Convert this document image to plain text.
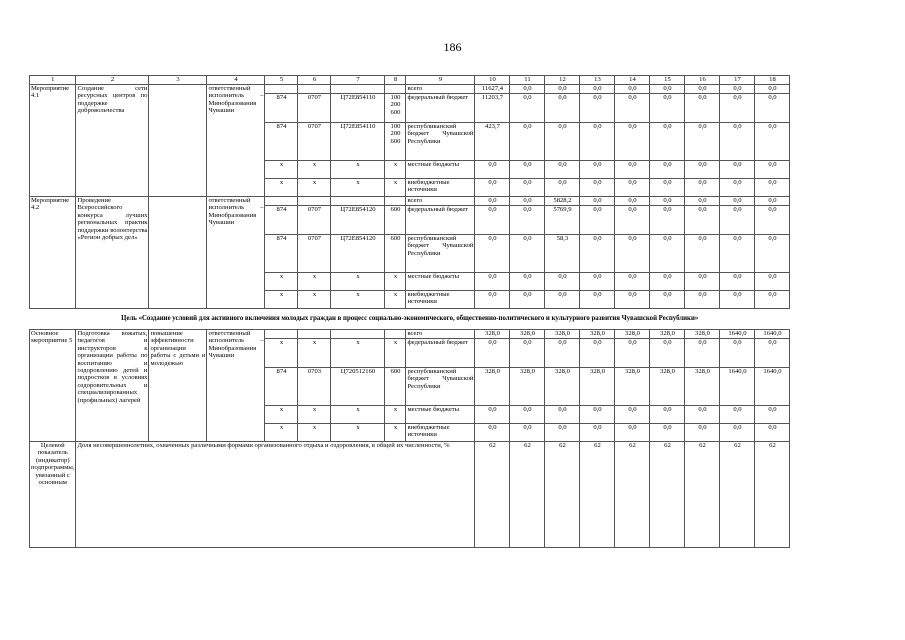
186
1	2	3	4	5	6	7	8	9	10	11	12	13	14	15	16	17	18
Мероприятие 4.1	Создание сети ресурсных центров по поддержке добровольчества		ответственный исполнитель – Минобразования Чувашии					всего	11627,4	0,0	0,0	0,0	0,0	0,0	0,0	0,0	0,0
				874	0707	Ц72Е854110	100 200 600	федеральный бюджет	11203,7	0,0	0,0	0,0	0,0	0,0	0,0	0,0	0,0
				874	0707	Ц72Е854110	100 200 600	республиканский бюджет Чувашской Республики	423,7	0,0	0,0	0,0	0,0	0,0	0,0	0,0	0,0
				х	х	х	х	местные бюджеты	0,0	0,0	0,0	0,0	0,0	0,0	0,0	0,0	0,0
				х	х	х	х	внебюджетные источники	0,0	0,0	0,0	0,0	0,0	0,0	0,0	0,0	0,0
Мероприятие 4.2	Проведение Всероссийского конкурса лучших региональных практик поддержки волонтерства «Регион добрых дел»		ответственный исполнитель – Минобразования Чувашии					всего	0,0	0,0	5828,2	0,0	0,0	0,0	0,0	0,0	0,0
				874	0707	Ц72Е854120	600	федеральный бюджет	0,0	0,0	5769,9	0,0	0,0	0,0	0,0	0,0	0,0
				874	0707	Ц72Е854120	600	республиканский бюджет Чувашской Республики	0,0	0,0	58,3	0,0	0,0	0,0	0,0	0,0	0,0
				х	х	х	х	местные бюджеты	0,0	0,0	0,0	0,0	0,0	0,0	0,0	0,0	0,0
				х	х	х	х	внебюджетные источники	0,0	0,0	0,0	0,0	0,0	0,0	0,0	0,0	0,0
Цель «Создание условий для активного включения молодых граждан в процесс социально-экономического, общественно-политического и культурного развития Чувашской Республики»																	
Основное мероприятие 5	Подготовка вожатых, педагогов и инструкторов к организации работы по воспитанию и оздоровлению детей и подростков в условиях оздоровительных и специализированных (профильных) лагерей	повышение эффективности организации работы с детьми и молодежью	ответственный исполнитель – Минобразования Чувашии					всего	328,0	328,0	328,0	328,0	328,0	328,0	328,0	1640,0	1640,0
				х	х	х	х	федеральный бюджет	0,0	0,0	0,0	0,0	0,0	0,0	0,0	0,0	0,0
				874	0703	Ц720512160	600	республиканский бюджет Чувашской Республики	328,0	328,0	328,0	328,0	328,0	328,0	328,0	1640,0	1640,0
				х	х	х	х	местные бюджеты	0,0	0,0	0,0	0,0	0,0	0,0	0,0	0,0	0,0
				х	х	х	х	внебюджетные источники	0,0	0,0	0,0	0,0	0,0	0,0	0,0	0,0	0,0
Целевой показатель (индикатор) подпрограммы, увязанный с основным	Доля несовершеннолетних, охваченных различными формами организованного отдыха и оздоровления, в общей их численности, %								62	62	62	62	62	62	62	62	62
